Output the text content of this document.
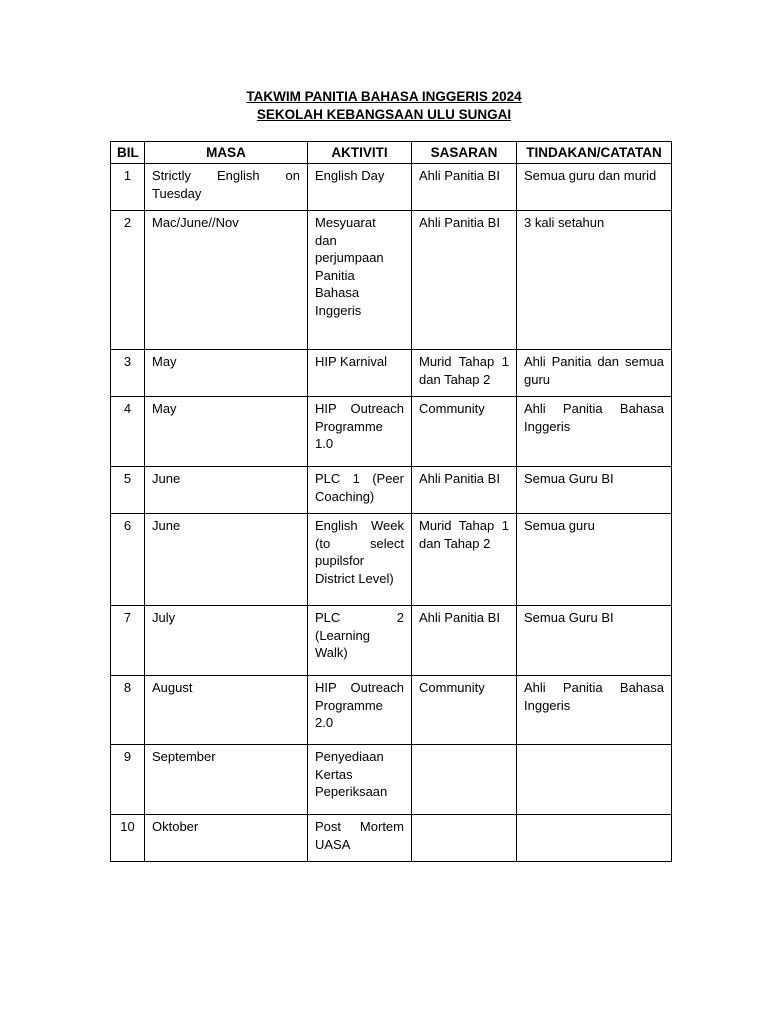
TAKWIM PANITIA BAHASA INGGERIS 2024
SEKOLAH KEBANGSAAN ULU SUNGAI
BIL	MASA	AKTIVITI	SASARAN	TINDAKAN/CATATAN
1	Strictly English on Tuesday	English Day	Ahli Panitia BI	Semua guru dan murid
2	Mac/June//Nov	Mesyuarat dan perjumpaan Panitia Bahasa Inggeris	Ahli Panitia BI	3 kali setahun
3	May	HIP Karnival	Murid Tahap 1 dan Tahap 2	Ahli Panitia dan semua guru
4	May	HIP Outreach Programme 1.0	Community	Ahli Panitia Bahasa Inggeris
5	June	PLC 1 (Peer Coaching)	Ahli Panitia BI	Semua Guru BI
6	June	English Week (to select pupilsfor District Level)	Murid Tahap 1 dan Tahap 2	Semua guru
7	July	PLC 2 (Learning Walk)	Ahli Panitia BI	Semua Guru BI
8	August	HIP Outreach Programme 2.0	Community	Ahli Panitia Bahasa Inggeris
9	September	Penyediaan Kertas Peperiksaan		
10	Oktober	Post Mortem UASA		
